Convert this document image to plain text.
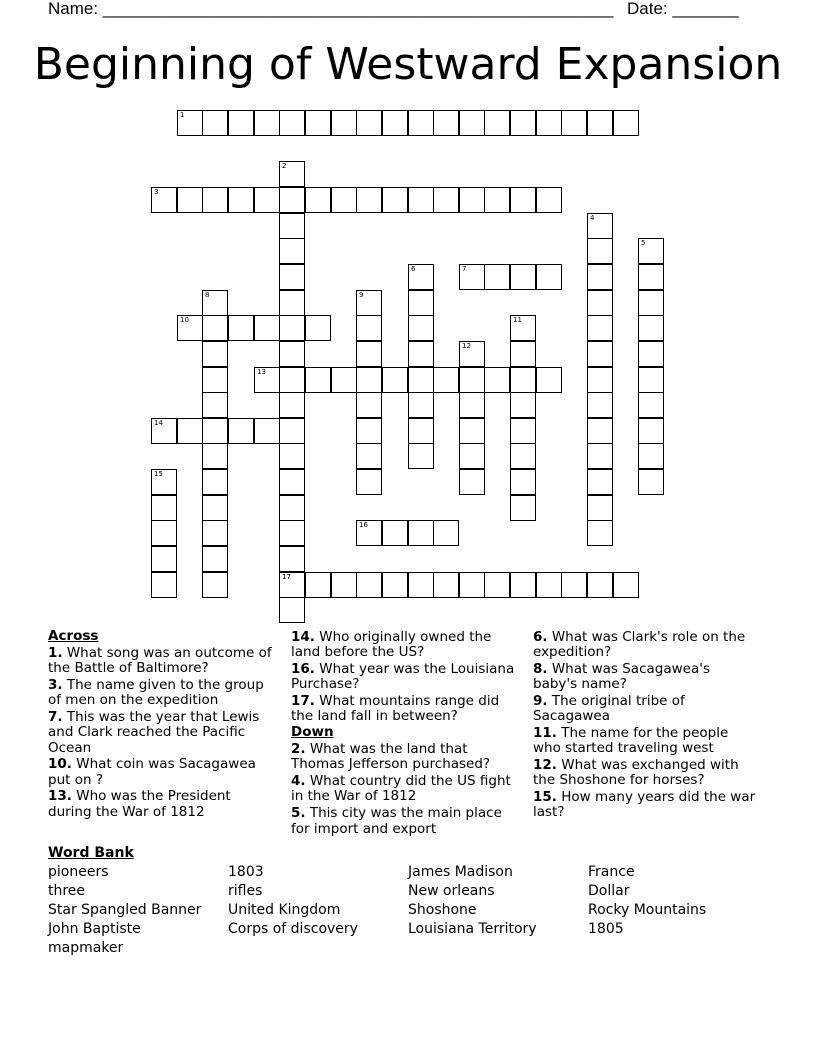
Name: ______________________________________________________ Date: _______
Beginning of Westward Expansion
1
2
17
3
4
5
6	7
8	9
10	11
12
13
14
15
16
Across
1. What song was an outcome of the Battle of Baltimore?
3. The name given to the group of men on the expedition
7. This was the year that Lewis and Clark reached the Pacific Ocean
10. What coin was Sacagawea put on ?
13. Who was the President during the War of 1812
14. Who originally owned the land before the US?
16. What year was the Louisiana Purchase?
17. What mountains range did the land fall in between?
Down
2. What was the land that Thomas Jefferson purchased?
4. What country did the US fight in the War of 1812
5. This city was the main place for import and export
6. What was Clark's role on the expedition?
8. What was Sacagawea's baby's name?
9. The original tribe of Sacagawea
11. The name for the people who started traveling west
12. What was exchanged with the Shoshone for horses?
15. How many years did the war last?
Word Bank
pioneers
three
Star Spangled Banner
John Baptiste
mapmaker
1803
rifles
United Kingdom
Corps of discovery
James Madison
New orleans
Shoshone
Louisiana Territory
France
Dollar
Rocky Mountains
1805
